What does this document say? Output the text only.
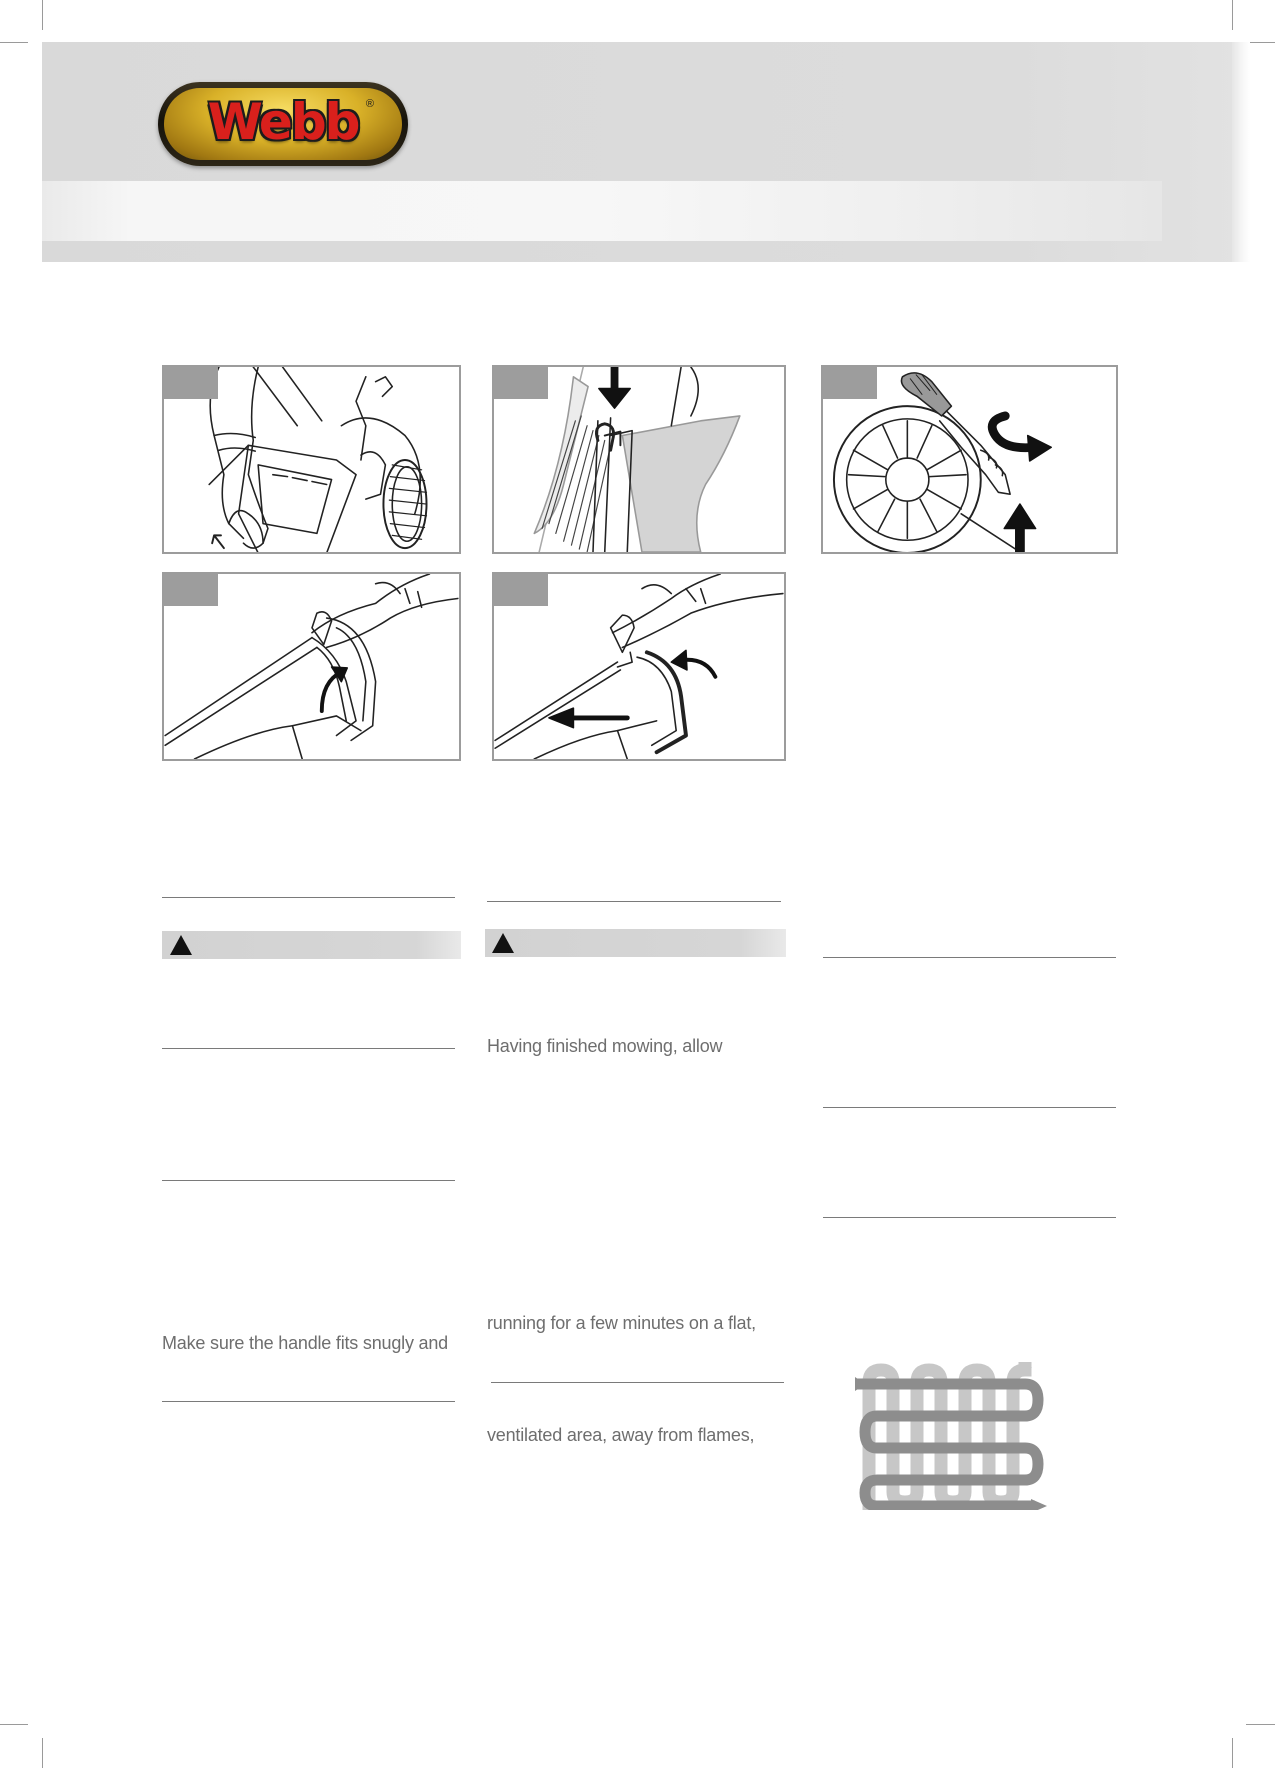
Webb ®
Having finished mowing, allow
running for a few minutes on a flat,
Make sure the handle fits snugly and
ventilated area, away from flames,
